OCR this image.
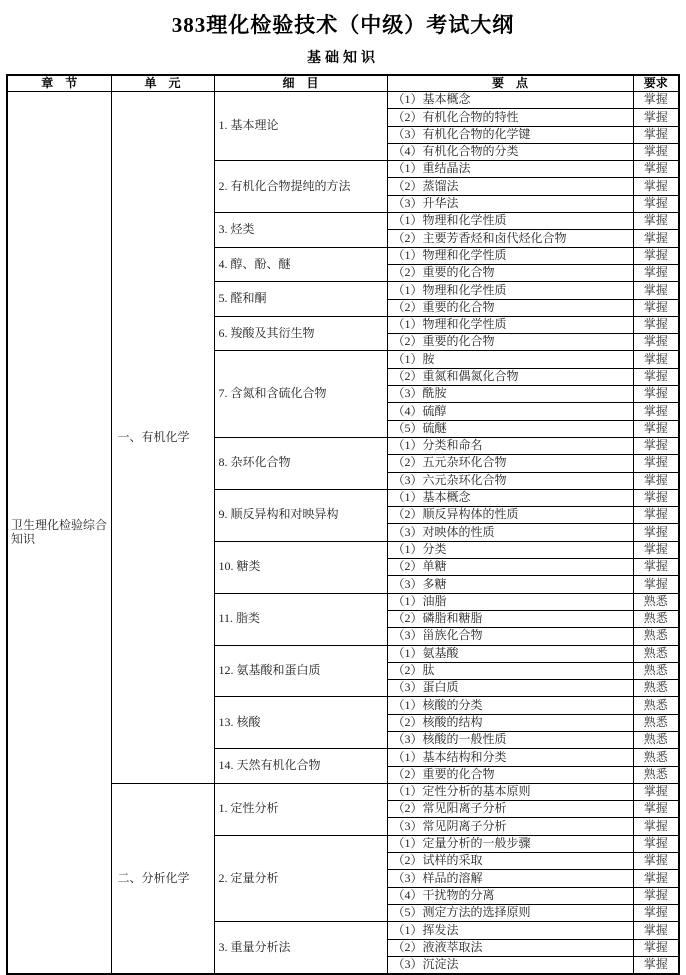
383理化检验技术（中级）考试大纲
基础知识
章　节	单　元	细　目	要　点	要求
卫生理化检验综合知识	一、有机化学	1. 基本理论	（1）基本概念	掌握
			（2）有机化合物的特性	掌握
			（3）有机化合物的化学键	掌握
			（4）有机化合物的分类	掌握
		2. 有机化合物提纯的方法	（1）重结晶法	掌握
			（2）蒸馏法	掌握
			（3）升华法	掌握
		3. 烃类	（1）物理和化学性质	掌握
			（2）主要芳香烃和卤代烃化合物	掌握
		4. 醇、酚、醚	（1）物理和化学性质	掌握
			（2）重要的化合物	掌握
		5. 醛和酮	（1）物理和化学性质	掌握
			（2）重要的化合物	掌握
		6. 羧酸及其衍生物	（1）物理和化学性质	掌握
			（2）重要的化合物	掌握
		7. 含氮和含硫化合物	（1）胺	掌握
			（2）重氮和偶氮化合物	掌握
			（3）酰胺	掌握
			（4）硫醇	掌握
			（5）硫醚	掌握
		8. 杂环化合物	（1）分类和命名	掌握
			（2）五元杂环化合物	掌握
			（3）六元杂环化合物	掌握
		9. 顺反异构和对映异构	（1）基本概念	掌握
			（2）顺反异构体的性质	掌握
			（3）对映体的性质	掌握
		10. 糖类	（1）分类	掌握
			（2）单糖	掌握
			（3）多糖	掌握
		11. 脂类	（1）油脂	熟悉
			（2）磷脂和糖脂	熟悉
			（3）甾族化合物	熟悉
		12. 氨基酸和蛋白质	（1）氨基酸	熟悉
			（2）肽	熟悉
			（3）蛋白质	熟悉
		13. 核酸	（1）核酸的分类	熟悉
			（2）核酸的结构	熟悉
			（3）核酸的一般性质	熟悉
		14. 天然有机化合物	（1）基本结构和分类	熟悉
			（2）重要的化合物	熟悉
	二、分析化学	1. 定性分析	（1）定性分析的基本原则	掌握
			（2）常见阳离子分析	掌握
			（3）常见阴离子分析	掌握
		2. 定量分析	（1）定量分析的一般步骤	掌握
			（2）试样的采取	掌握
			（3）样品的溶解	掌握
			（4）干扰物的分离	掌握
			（5）测定方法的选择原则	掌握
		3. 重量分析法	（1）挥发法	掌握
			（2）液液萃取法	掌握
			（3）沉淀法	掌握
